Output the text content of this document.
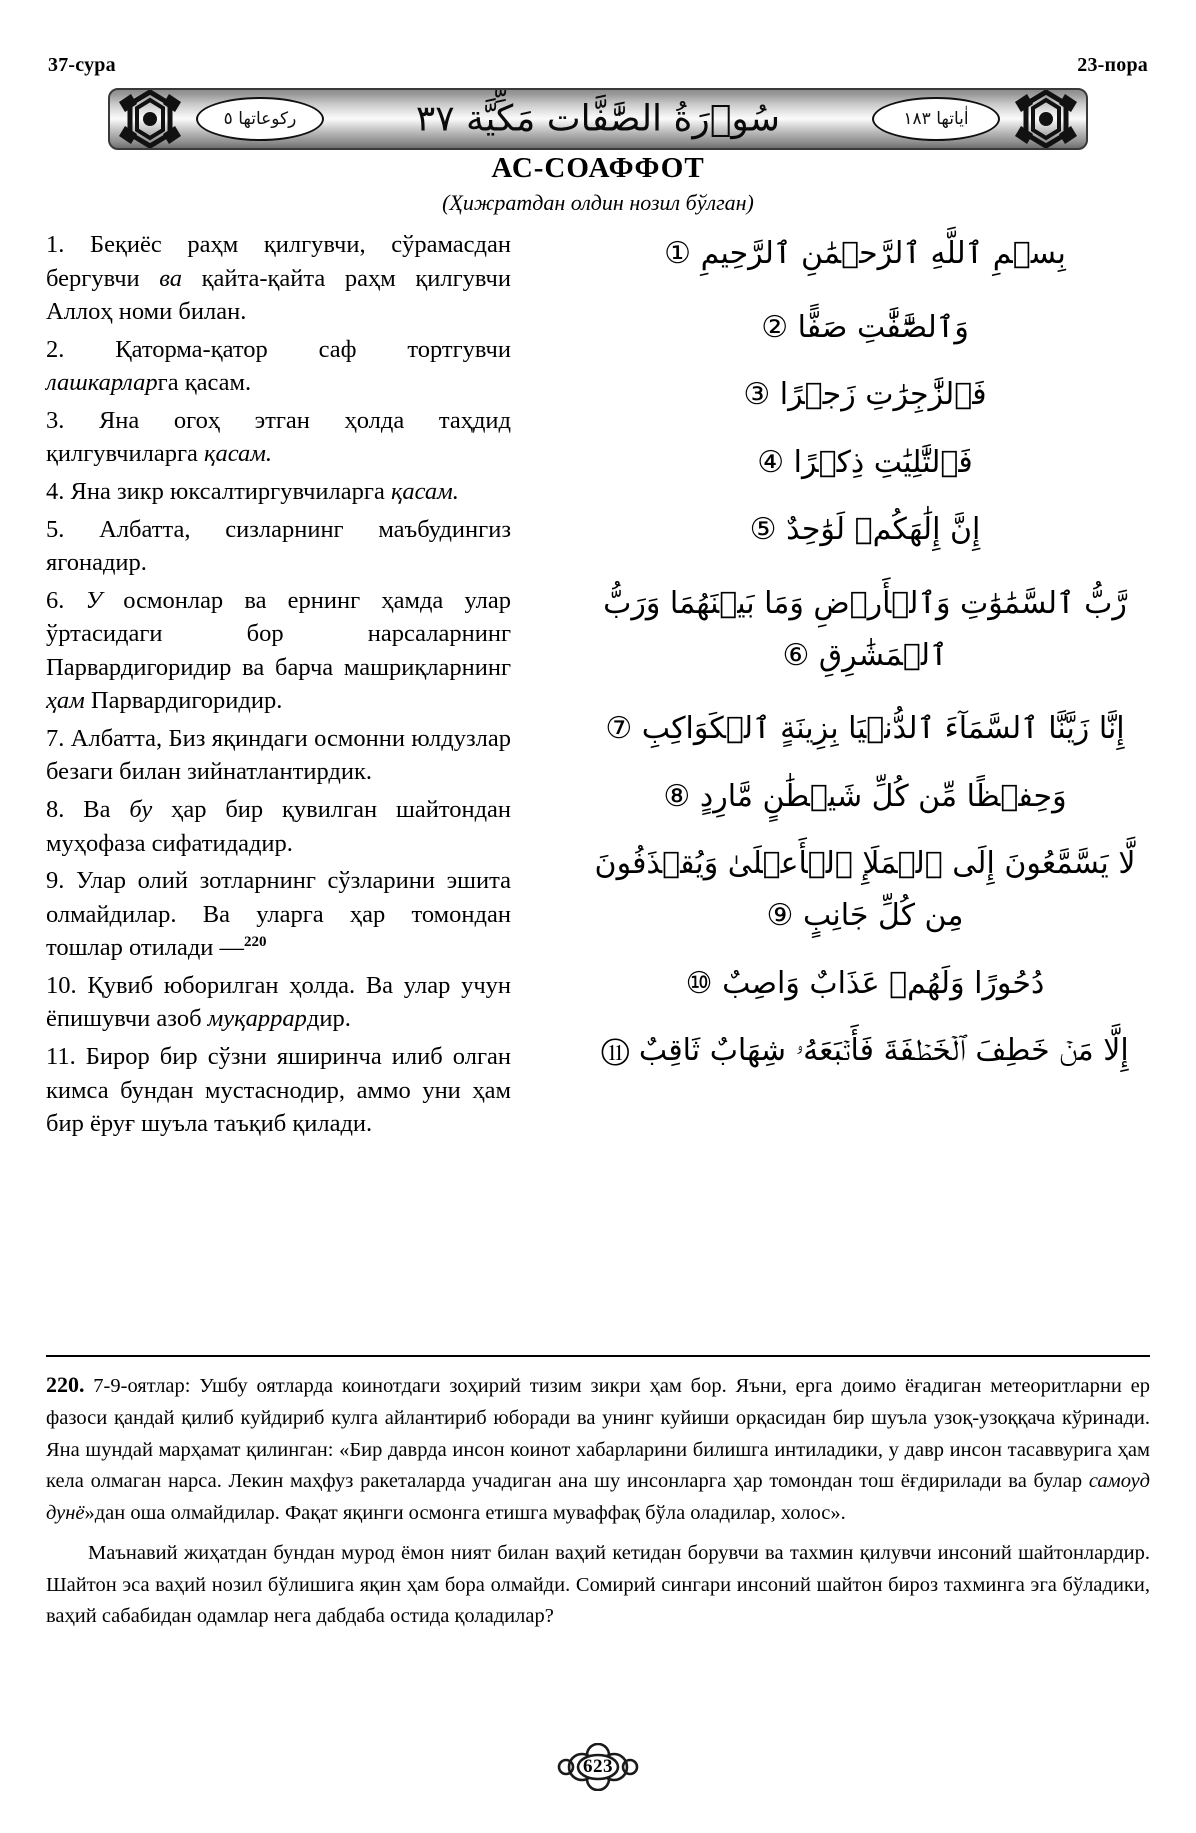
37-сура	23-пора
ركوعاتها ٥	سُوۡرَةُ الصَّٰفَّات مَكِّیَّة ٣٧	اٰیاتها ١٨٣
АС-СОАФФОТ
(Ҳижратдан олдин нозил бўлган)

1. Беқиёс раҳм қилгувчи, сўрамасдан бергувчи ва қайта-қайта раҳм қилгувчи Аллоҳ номи билан.

2. Қаторма-қатор саф тортгувчи лашкарларга қасам.

3. Яна огоҳ этган ҳолда таҳдид қилгувчиларга қасам.

4. Яна зикр юксалтиргувчиларга қасам.

5. Албатта, сизларнинг маъбудингиз ягонадир.

6. У осмонлар ва ернинг ҳамда улар ўртасидаги бор нарсаларнинг Парвардигоридир ва барча машриқларнинг ҳам Парвардигоридир.

7. Албатта, Биз яқиндаги осмонни юлдузлар безаги билан зийнатлантирдик.

8. Ва бу ҳар бир қувилган шайтондан муҳофаза сифатидадир.

9. Улар олий зотларнинг сўзларини эшита олмайдилар. Ва уларга ҳар томондан тошлар отилади —$^{220}$

10. Қувиб юборилган ҳолда. Ва улар учун ёпишувчи азоб муқаррардир.

11. Бирор бир сўзни яширинча илиб олган кимса бундан мустаснодир, аммо уни ҳам бир ёруғ шуъла таъқиб қилади.

بِسۡمِ ٱللَّهِ ٱلرَّحۡمَٰنِ ٱلرَّحِيمِ ①

وَٱلصَّٰٓفَّٰتِ صَفًّا ②

فَٱلزَّٰجِرَٰتِ زَجۡرًا ③

فَٱلتَّٰلِيَٰتِ ذِكۡرًا ④

إِنَّ إِلَٰهَكُمۡ لَوَٰحِدٌ ⑤

رَّبُّ ٱلسَّمَٰوَٰتِ وَٱلۡأَرۡضِ وَمَا بَيۡنَهُمَا وَرَبُّ ٱلۡمَشَٰرِقِ ⑥

إِنَّا زَيَّنَّا ٱلسَّمَآءَ ٱلدُّنۡيَا بِزِينَةٍ ٱلۡكَوَاكِبِ ⑦

وَحِفۡظًا مِّن كُلِّ شَيۡطَٰنٍ مَّارِدٍ ⑧

لَّا يَسَّمَّعُونَ إِلَى ٱلۡمَلَإِ ٱلۡأَعۡلَىٰ وَيُقۡذَفُونَ مِن كُلِّ جَانِبٍ ⑨

دُحُورًا وَلَهُمۡ عَذَابٌ وَاصِبٌ ⑩

إِلَّا مَنۡ خَطِفَ ٱلۡخَطۡفَةَ فَأَتۡبَعَهُۥ شِهَابٌ ثَاقِبٌ ⑪

220. 7-9-оятлар: Ушбу оятларда коинотдаги зоҳирий тизим зикри ҳам бор. Яъни, ерга доимо ёғадиган метеоритларни ер фазоси қандай қилиб куйдириб кулга айлантириб юборади ва унинг куйиши орқасидан бир шуъла узоқ-узоққача кўринади. Яна шундай марҳамат қилинган: «Бир даврда инсон коинот хабарларини билишга интиладики, у давр инсон тасаввурига ҳам кела олмаган нарса. Лекин маҳфуз ракеталарда учадиган ана шу инсонларга ҳар томондан тош ёғдирилади ва булар самоуд дунё»дан оша олмайдилар. Фақат яқинги осмонга етишга муваффақ бўла оладилар, холос».

Маънавий жиҳатдан бундан мурод ёмон ният билан ваҳий кетидан борувчи ва тахмин қилувчи инсоний шайтонлардир. Шайтон эса ваҳий нозил бўлишига яқин ҳам бора олмайди. Сомирий сингари инсоний шайтон бироз тахминга эга бўладики, ваҳий сабабидан одамлар нега дабдаба остида қоладилар?

623
